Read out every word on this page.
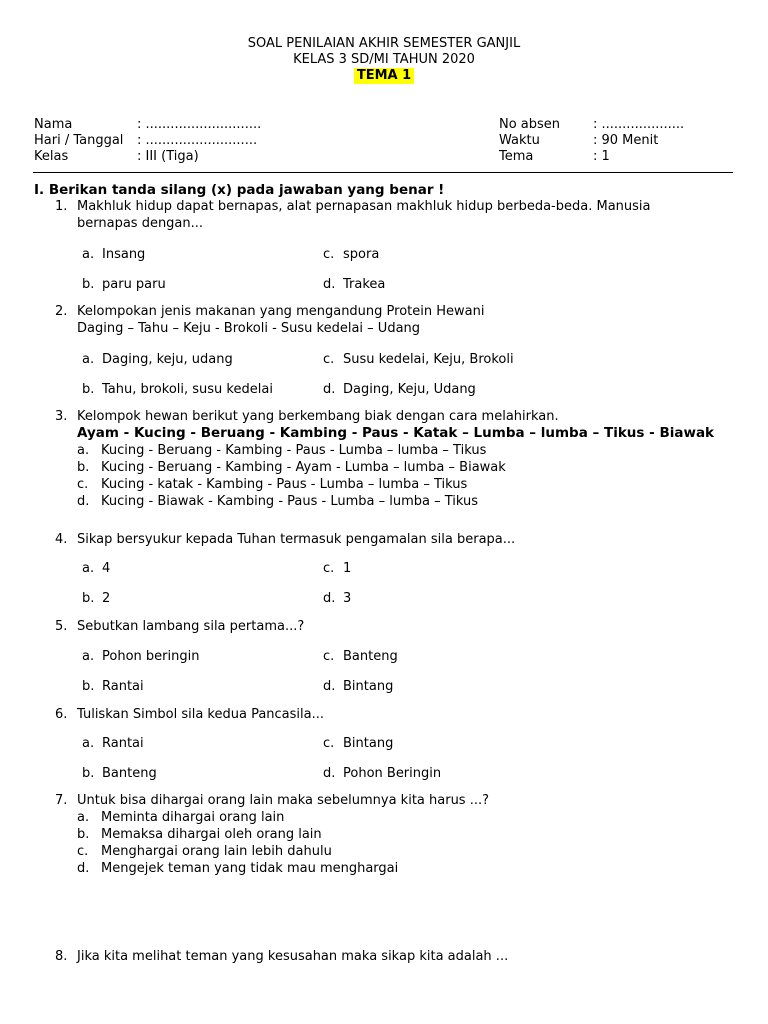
SOAL PENILAIAN AKHIR SEMESTER GANJIL
KELAS 3 SD/MI TAHUN 2020
TEMA 1
Nama	: ............................
Hari / Tanggal	: ...........................
Kelas	: III (Tiga)
No absen	: ....................
Waktu	: 90 Menit
Tema	: 1
I. Berikan tanda silang (x) pada jawaban yang benar !
1. Makhluk hidup dapat bernapas, alat pernapasan makhluk hidup berbeda-beda. Manusia bernapas dengan...
a. Insang
b. paru paru
c. spora
d. Trakea
2. Kelompokan jenis makanan yang mengandung Protein Hewani
Daging – Tahu – Keju - Brokoli - Susu kedelai – Udang
a. Daging, keju, udang
b. Tahu, brokoli, susu kedelai
c. Susu kedelai, Keju, Brokoli
d. Daging, Keju, Udang
3. Kelompok hewan berikut yang berkembang biak dengan cara melahirkan.
Ayam - Kucing - Beruang - Kambing - Paus - Katak – Lumba – lumba – Tikus - Biawak
a. Kucing - Beruang - Kambing - Paus - Lumba – lumba – Tikus
b. Kucing - Beruang - Kambing - Ayam - Lumba – lumba – Biawak
c. Kucing - katak - Kambing - Paus - Lumba – lumba – Tikus
d. Kucing - Biawak - Kambing - Paus - Lumba – lumba – Tikus
4. Sikap bersyukur kepada Tuhan termasuk pengamalan sila berapa...
a. 4
b. 2
c. 1
d. 3
5. Sebutkan lambang sila pertama...?
a. Pohon beringin
b. Rantai
c. Banteng
d. Bintang
6. Tuliskan Simbol sila kedua Pancasila...
a. Rantai
b. Banteng
c. Bintang
d. Pohon Beringin
7. Untuk bisa dihargai orang lain maka sebelumnya kita harus ...?
a. Meminta dihargai orang lain
b. Memaksa dihargai oleh orang lain
c. Menghargai orang lain lebih dahulu
d. Mengejek teman yang tidak mau menghargai
8. Jika kita melihat teman yang kesusahan maka sikap kita adalah ...
